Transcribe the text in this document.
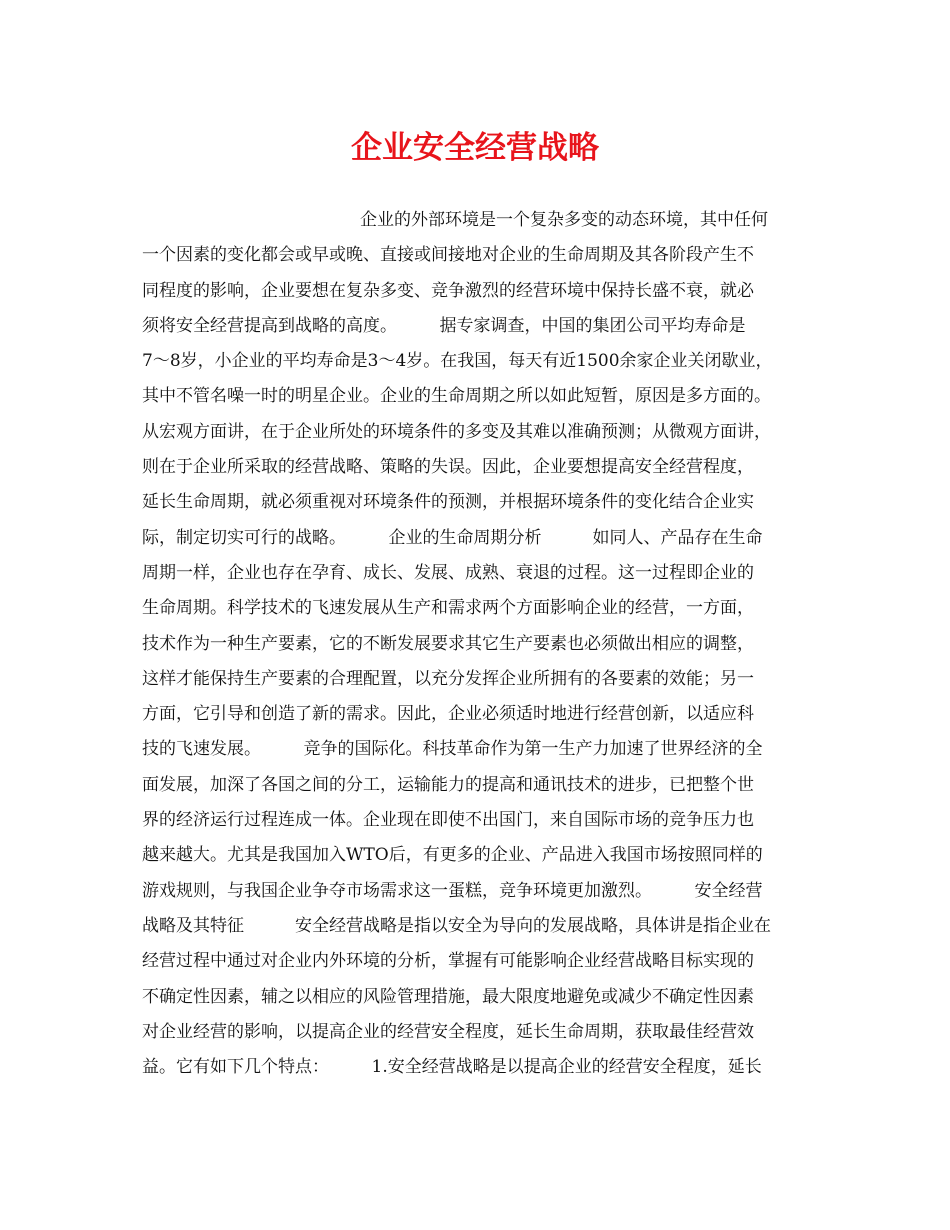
企业安全经营战略
企业的外部环境是一个复杂多变的动态环境，其中任何
一个因素的变化都会或早或晚、直接或间接地对企业的生命周期及其各阶段产生不
同程度的影响，企业要想在复杂多变、竞争激烈的经营环境中保持长盛不衰，就必
须将安全经营提高到战略的高度。　　　据专家调查，中国的集团公司平均寿命是
7～8岁，小企业的平均寿命是3～4岁。在我国，每天有近1500余家企业关闭歇业，
其中不管名噪一时的明星企业。企业的生命周期之所以如此短暂，原因是多方面的。
从宏观方面讲，在于企业所处的环境条件的多变及其难以准确预测；从微观方面讲，
则在于企业所采取的经营战略、策略的失误。因此，企业要想提高安全经营程度，
延长生命周期，就必须重视对环境条件的预测，并根据环境条件的变化结合企业实
际，制定切实可行的战略。　　　企业的生命周期分析　　　如同人、产品存在生命
周期一样，企业也存在孕育、成长、发展、成熟、衰退的过程。这一过程即企业的
生命周期。科学技术的飞速发展从生产和需求两个方面影响企业的经营，一方面，
技术作为一种生产要素，它的不断发展要求其它生产要素也必须做出相应的调整，
这样才能保持生产要素的合理配置，以充分发挥企业所拥有的各要素的效能；另一
方面，它引导和创造了新的需求。因此，企业必须适时地进行经营创新，以适应科
技的飞速发展。　　　竞争的国际化。科技革命作为第一生产力加速了世界经济的全
面发展，加深了各国之间的分工，运输能力的提高和通讯技术的进步，已把整个世
界的经济运行过程连成一体。企业现在即使不出国门，来自国际市场的竞争压力也
越来越大。尤其是我国加入WTO后，有更多的企业、产品进入我国市场按照同样的
游戏规则，与我国企业争夺市场需求这一蛋糕，竞争环境更加激烈。　　　安全经营
战略及其特征　　　安全经营战略是指以安全为导向的发展战略，具体讲是指企业在
经营过程中通过对企业内外环境的分析，掌握有可能影响企业经营战略目标实现的
不确定性因素，辅之以相应的风险管理措施，最大限度地避免或减少不确定性因素
对企业经营的影响，以提高企业的经营安全程度，延长生命周期，获取最佳经营效
益。它有如下几个特点：　　　1.安全经营战略是以提高企业的经营安全程度，延长
